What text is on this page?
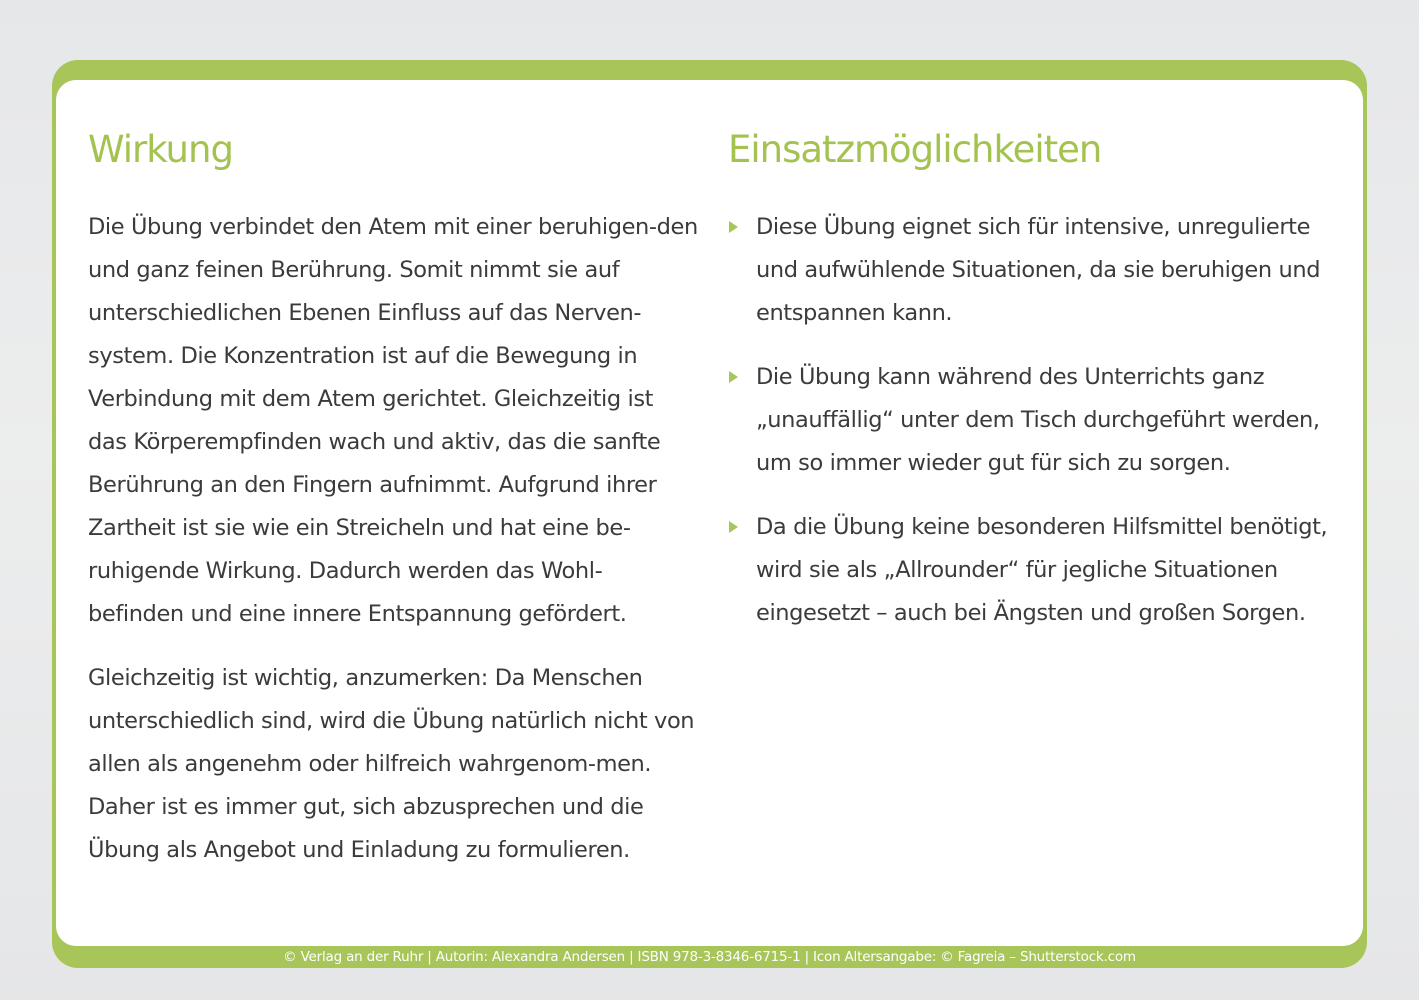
Wirkung

Die Übung verbindet den Atem mit einer beruhigen-den und ganz feinen Berührung. Somit nimmt sie auf unterschiedlichen Ebenen Einfluss auf das Nerven-system. Die Konzentration ist auf die Bewegung in Verbindung mit dem Atem gerichtet. Gleichzeitig ist das Körperempfinden wach und aktiv, das die sanfte Berührung an den Fingern aufnimmt. Aufgrund ihrer Zartheit ist sie wie ein Streicheln und hat eine be-ruhigende Wirkung. Dadurch werden das Wohl-befinden und eine innere Entspannung gefördert.

Gleichzeitig ist wichtig, anzumerken: Da Menschen unterschiedlich sind, wird die Übung natürlich nicht von allen als angenehm oder hilfreich wahrgenom-men. Daher ist es immer gut, sich abzusprechen und die Übung als Angebot und Einladung zu formulieren.

Einsatzmöglichkeiten
Diese Übung eignet sich für intensive, unregulierte und aufwühlende Situationen, da sie beruhigen und entspannen kann.
Die Übung kann während des Unterrichts ganz „unauffällig“ unter dem Tisch durchgeführt werden, um so immer wieder gut für sich zu sorgen.
Da die Übung keine besonderen Hilfsmittel benötigt, wird sie als „Allrounder“ für jegliche Situationen eingesetzt – auch bei Ängsten und großen Sorgen.
© Verlag an der Ruhr | Autorin: Alexandra Andersen | ISBN 978-3-8346-6715-1 | Icon Altersangabe: © Fagreia – Shutterstock.com
